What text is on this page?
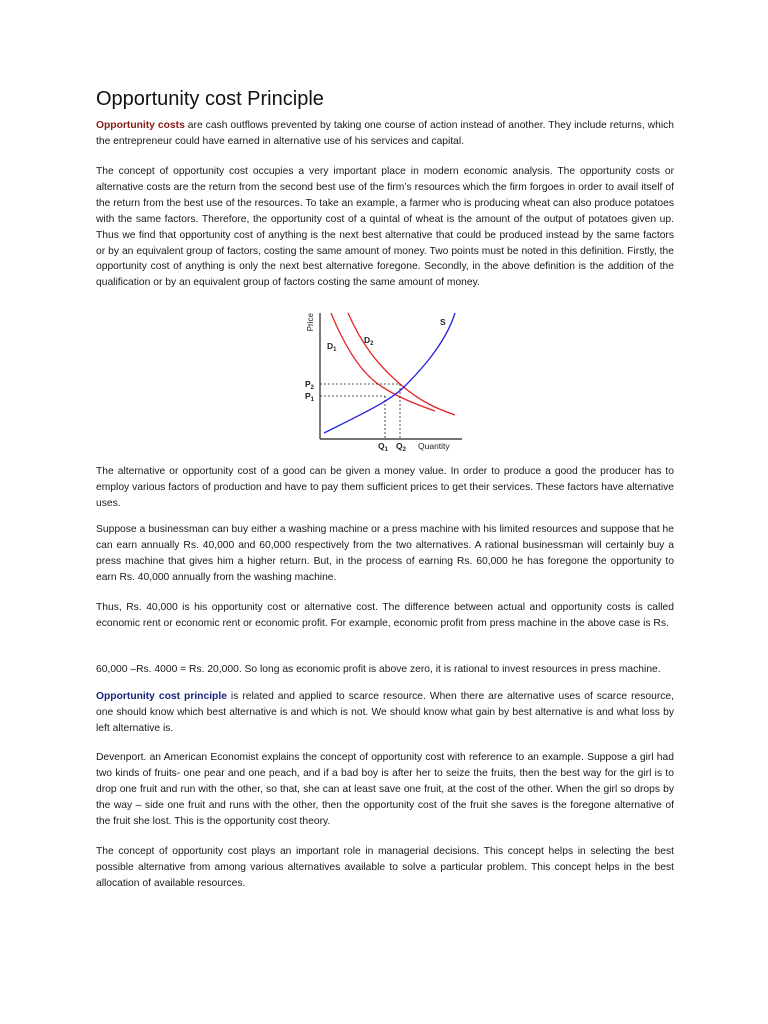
Opportunity cost Principle

Opportunity costs are cash outflows prevented by taking one course of action instead of another. They include returns, which the entrepreneur could have earned in alternative use of his services and capital.

The concept of opportunity cost occupies a very important place in modern economic analysis. The opportunity costs or alternative costs are the return from the second best use of the firm’s resources which the firm forgoes in order to avail itself of the return from the best use of the resources. To take an example, a farmer who is producing wheat can also produce potatoes with the same factors. Therefore, the opportunity cost of a quintal of wheat is the amount of the output of potatoes given up. Thus we find that opportunity cost of anything is the next best alternative that could be produced instead by the same factors or by an equivalent group of factors, costing the same amount of money. Two points must be noted in this definition. Firstly, the opportunity cost of anything is only the next best alternative foregone. Secondly, in the above definition is the addition of the qualification or by an equivalent group of factors costing the same amount of money.

Price
Quantity
S
$D_1$
$D_2$
$P_2$
$P_1$
$Q_1$ $Q_2$

The alternative or opportunity cost of a good can be given a money value. In order to produce a good the producer has to employ various factors of production and have to pay them sufficient prices to get their services. These factors have alternative uses.

Suppose a businessman can buy either a washing machine or a press machine with his limited resources and suppose that he can earn annually Rs. 40,000 and 60,000 respectively from the two alternatives. A rational businessman will certainly buy a press machine that gives him a higher return. But, in the process of earning Rs. 60,000 he has foregone the opportunity to earn Rs. 40,000 annually from the washing machine.

Thus, Rs. 40,000 is his opportunity cost or alternative cost. The difference between actual and opportunity costs is called economic rent or economic rent or economic profit. For example, economic profit from press machine in the above case is Rs.

60,000 –Rs. 4000 = Rs. 20,000. So long as economic profit is above zero, it is rational to invest resources in press machine.

Opportunity cost principle is related and applied to scarce resource. When there are alternative uses of scarce resource, one should know which best alternative is and which is not. We should know what gain by best alternative is and what loss by left alternative is.

Devenport. an American Economist explains the concept of opportunity cost with reference to an example. Suppose a girl had two kinds of fruits- one pear and one peach, and if a bad boy is after her to seize the fruits, then the best way for the girl is to drop one fruit and run with the other, so that, she can at least save one fruit, at the cost of the other. When the girl so drops by the way – side one fruit and runs with the other, then the opportunity cost of the fruit she saves is the foregone alternative of the fruit she lost. This is the opportunity cost theory.

The concept of opportunity cost plays an important role in managerial decisions. This concept helps in selecting the best possible alternative from among various alternatives available to solve a particular problem. This concept helps in the best allocation of available resources.
